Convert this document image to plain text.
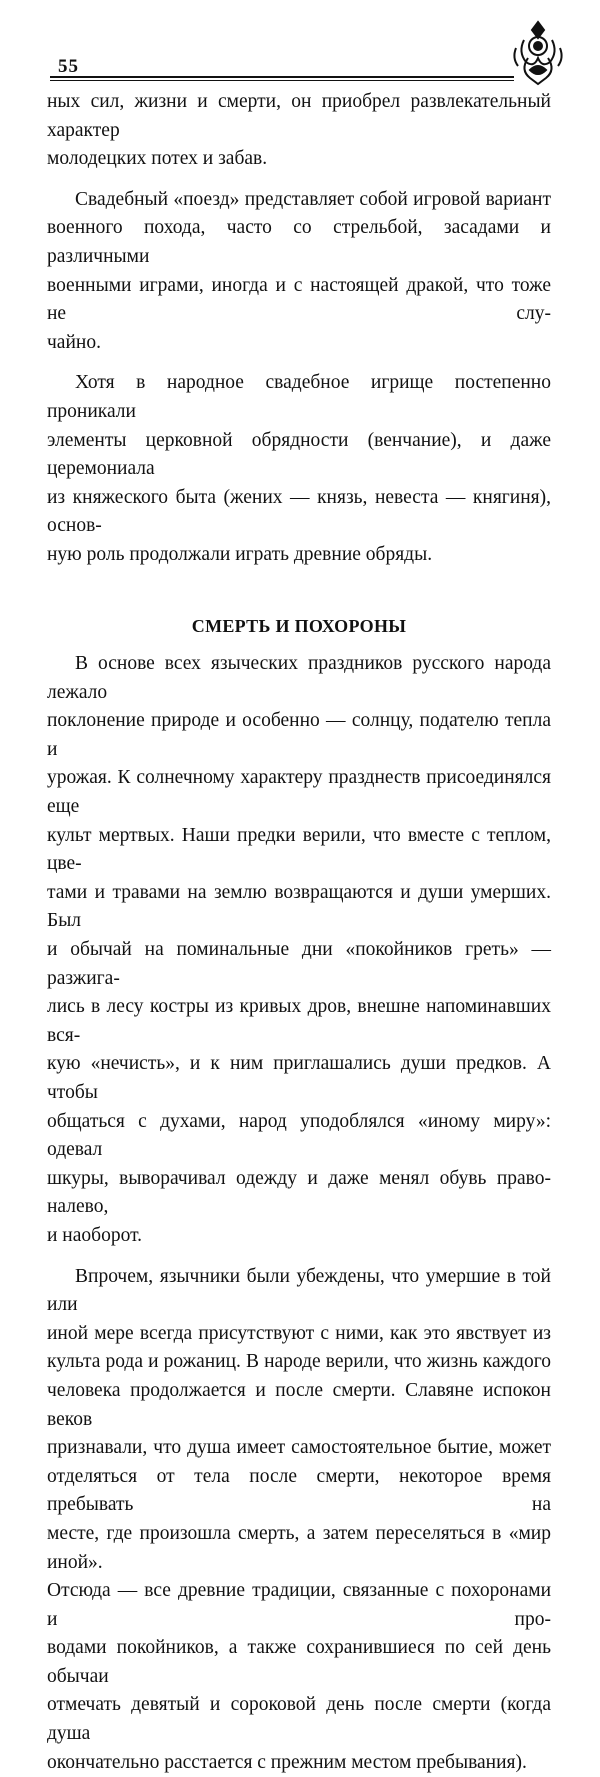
55

ных сил, жизни и смерти, он приобрел развлекательный характер

молодецких потех и забав.

Свадебный «поезд» представляет собой игровой вариант

военного похода, часто со стрельбой, засадами и различными

военными играми, иногда и с настоящей дракой, что тоже не слу-

чайно.

Хотя в народное свадебное игрище постепенно проникали

элементы церковной обрядности (венчание), и даже церемониала

из княжеского быта (жених — князь, невеста — княгиня), основ-

ную роль продолжали играть древние обряды.

СМЕРТЬ И ПОХОРОНЫ

В основе всех языческих праздников русского народа лежало

поклонение природе и особенно — солнцу, подателю тепла и

урожая. К солнечному характеру празднеств присоединялся еще

культ мертвых. Наши предки верили, что вместе с теплом, цве-

тами и травами на землю возвращаются и души умерших. Был

и обычай на поминальные дни «покойников греть» — разжига-

лись в лесу костры из кривых дров, внешне напоминавших вся-

кую «нечисть», и к ним приглашались души предков. А чтобы

общаться с духами, народ уподоблялся «иному миру»: одевал

шкуры, выворачивал одежду и даже менял обувь право-налево,

и наоборот.

Впрочем, язычники были убеждены, что умершие в той или

иной мере всегда присутствуют с ними, как это явствует из

культа рода и рожаниц. В народе верили, что жизнь каждого

человека продолжается и после смерти. Славяне испокон веков

признавали, что душа имеет самостоятельное бытие, может

отделяться от тела после смерти, некоторое время пребывать на

месте, где произошла смерть, а затем переселяться в «мир иной».

Отсюда — все древние традиции, связанные с похоронами и про-

водами покойников, а также сохранившиеся по сей день обычаи

отмечать девятый и сороковой день после смерти (когда душа

окончательно расстается с прежним местом пребывания).
